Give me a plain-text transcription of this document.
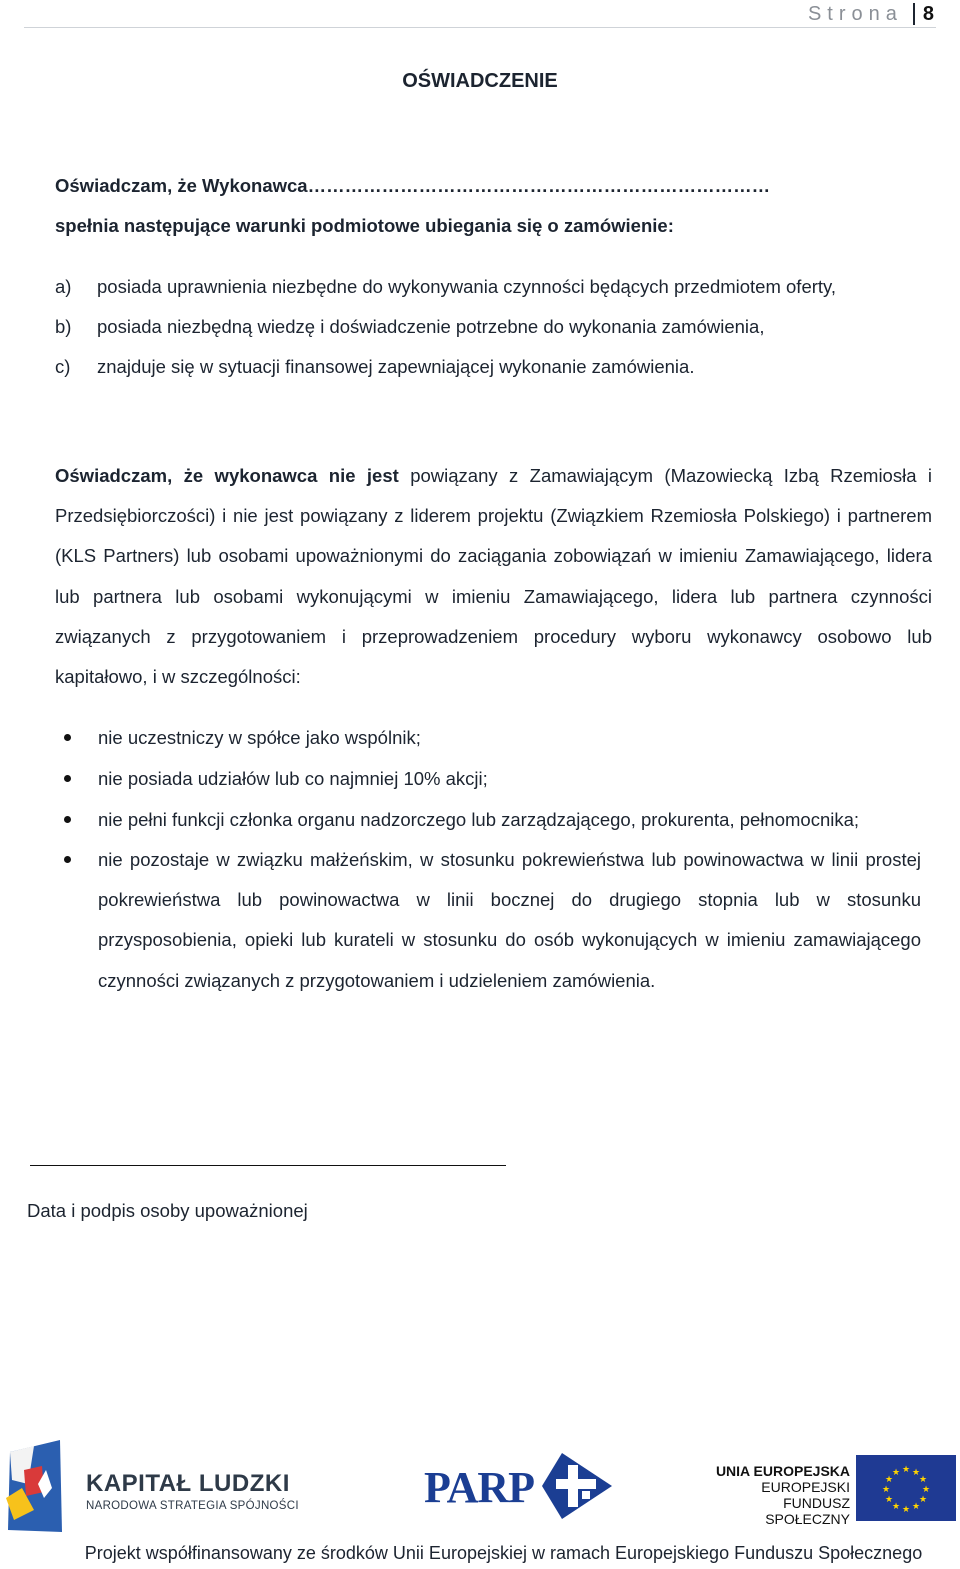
Strona 8
OŚWIADCZENIE
Oświadczam, że Wykonawca…………………………………………………………………
spełnia następujące warunki podmiotowe ubiegania się o zamówienie:
a) posiada uprawnienia niezbędne do wykonywania czynności będących przedmiotem oferty,
b) posiada niezbędną wiedzę i doświadczenie potrzebne do wykonania zamówienia,
c) znajduje się w sytuacji finansowej zapewniającej wykonanie zamówienia.
Oświadczam, że wykonawca nie jest powiązany z Zamawiającym (Mazowiecką Izbą Rzemiosła i Przedsiębiorczości) i nie jest powiązany z liderem projektu (Związkiem Rzemiosła Polskiego) i partnerem (KLS Partners) lub osobami upoważnionymi do zaciągania zobowiązań w imieniu Zamawiającego, lidera lub partnera lub osobami wykonującymi w imieniu Zamawiającego, lidera lub partnera czynności związanych z przygotowaniem i przeprowadzeniem procedury wyboru wykonawcy osobowo lub kapitałowo, i w szczególności:
nie uczestniczy w spółce jako wspólnik;
nie posiada udziałów lub co najmniej 10% akcji;
nie pełni funkcji członka organu nadzorczego lub zarządzającego, prokurenta, pełnomocnika;
nie pozostaje w związku małżeńskim, w stosunku pokrewieństwa lub powinowactwa w linii prostej pokrewieństwa lub powinowactwa w linii bocznej do drugiego stopnia lub w stosunku przysposobienia, opieki lub kurateli w stosunku do osób wykonujących w imieniu zamawiającego czynności związanych z przygotowaniem i udzieleniem zamówienia.
Data i podpis osoby upoważnionej
KAPITAŁ LUDZKI
NARODOWA STRATEGIA SPÓJNOŚCI	PARP	UNIA EUROPEJSKA
EUROPEJSKI
FUNDUSZ SPOŁECZNY
★ ★
★
★
★
★
★
★
★
★
★
★
Projekt współfinansowany ze środków Unii Europejskiej w ramach Europejskiego Funduszu Społecznego
